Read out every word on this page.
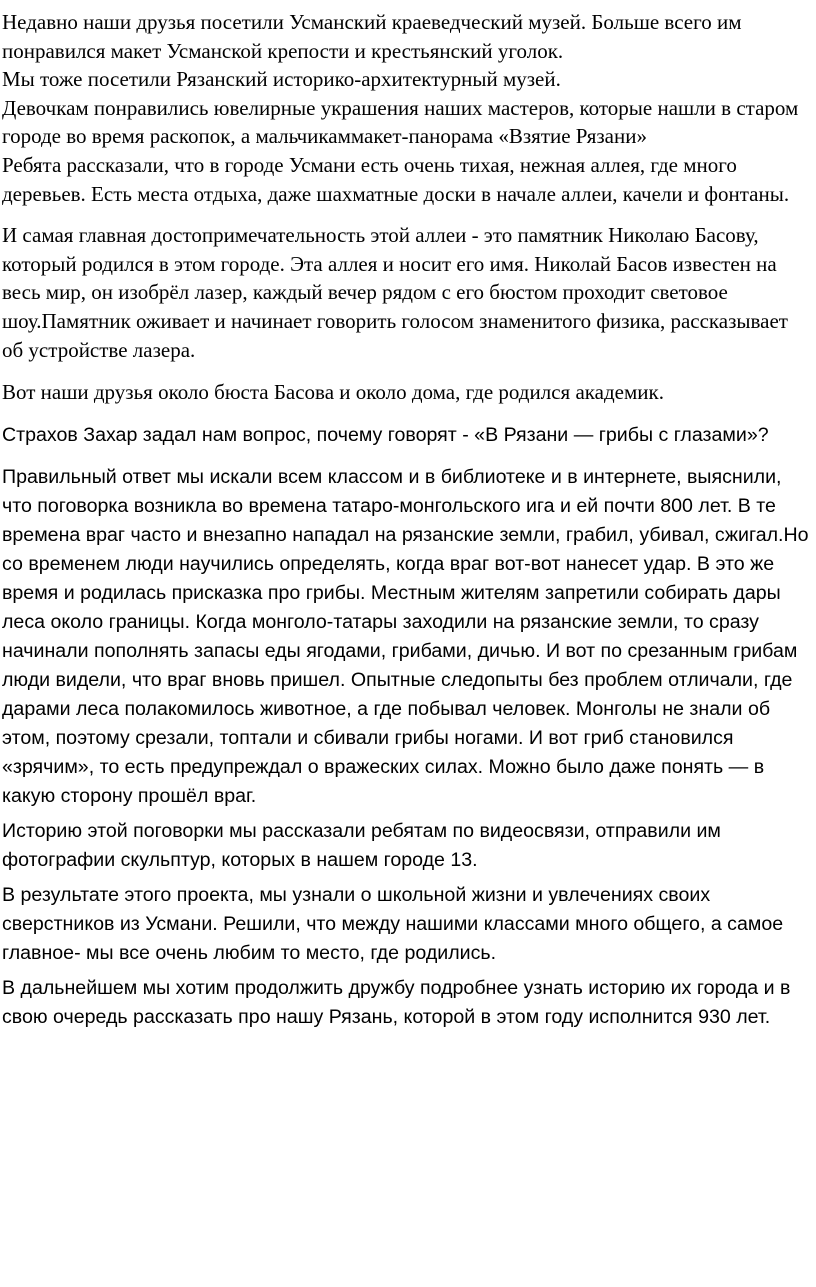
Недавно наши друзья посетили Усманский краеведческий музей. Больше всего им понравился макет Усманской крепости и крестьянский уголок.

Мы тоже посетили Рязанский историко-архитектурный музей.

Девочкам понравились ювелирные украшения наших мастеров, которые нашли в старом городе во время раскопок, а мальчикаммакет-панорама «Взятие Рязани»

Ребята рассказали, что в городе Усмани есть очень тихая, нежная аллея, где много деревьев. Есть места отдыха, даже шахматные доски в начале аллеи, качели и фонтаны.

И самая главная достопримечательность этой аллеи - это памятник Николаю Басову, который родился в этом городе. Эта аллея и носит его имя. Николай Басов известен на весь мир, он изобрёл лазер, каждый вечер рядом с его бюстом проходит световое шоу.Памятник оживает и начинает говорить голосом знаменитого физика, рассказывает об устройстве лазера.

Вот наши друзья около бюста Басова и около дома, где родился академик.

Страхов Захар задал нам вопрос, почему говорят - «В Рязани — грибы с глазами»?

Правильный ответ мы искали всем классом и в библиотеке и в интернете, выяснили, что поговорка возникла во времена татаро-монгольского ига и ей почти 800 лет. В те времена враг часто и внезапно нападал на рязанские земли, грабил, убивал, сжигал.Но со временем люди научились определять, когда враг вот-вот нанесет удар. В это же время и родилась присказка про грибы. Местным жителям запретили собирать дары леса около границы. Когда монголо-татары заходили на рязанские земли, то сразу начинали пополнять запасы еды ягодами, грибами, дичью. И вот по срезанным грибам люди видели, что враг вновь пришел. Опытные следопыты без проблем отличали, где дарами леса полакомилось животное, а где побывал человек. Монголы не знали об этом, поэтому срезали, топтали и сбивали грибы ногами. И вот гриб становился «зрячим», то есть предупреждал о вражеских силах. Можно было даже понять — в какую сторону прошёл враг.

Историю этой поговорки мы рассказали ребятам по видеосвязи, отправили им фотографии скульптур, которых в нашем городе 13.

В результате этого проекта, мы узнали о школьной жизни и увлечениях своих сверстников из Усмани. Решили, что между нашими классами много общего, а самое главное- мы все очень любим то место, где родились.

В дальнейшем мы хотим продолжить дружбу подробнее узнать историю их города и в свою очередь рассказать про нашу Рязань, которой в этом году исполнится 930 лет.
